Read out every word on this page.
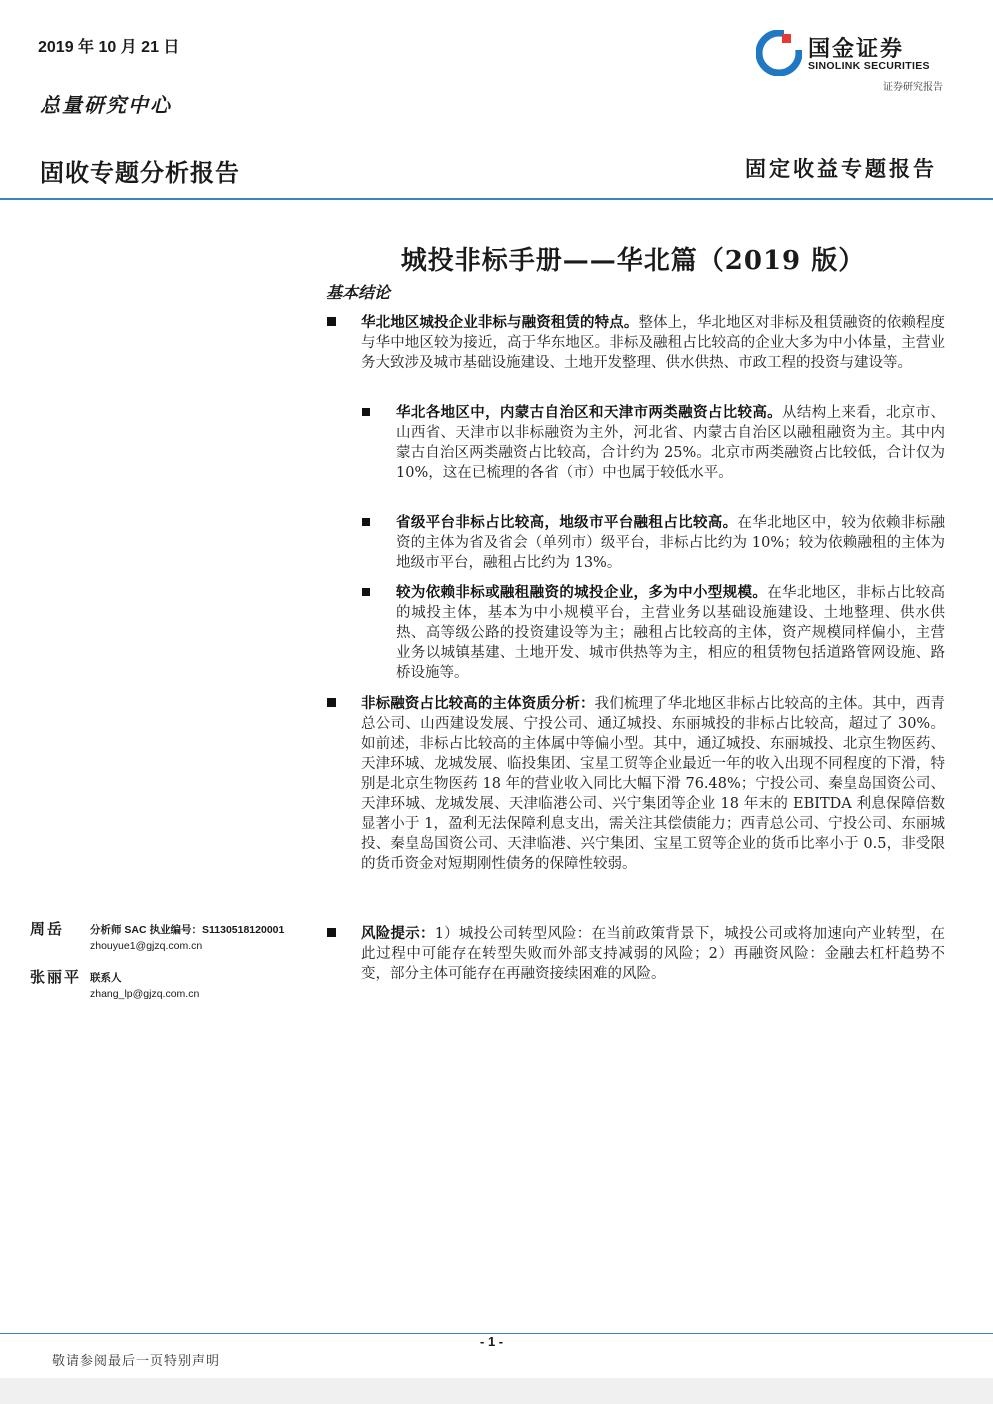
2019 年 10 月 21 日
总量研究中心
国金证券
SINOLINK SECURITIES
证券研究报告
固收专题分析报告	固定收益专题报告
城投非标手册——华北篇（2019 版）
基本结论
华北地区城投企业非标与融资租赁的特点。整体上，华北地区对非标及租赁融资的依赖程度与华中地区较为接近，高于华东地区。非标及融租占比较高的企业大多为中小体量，主营业务大致涉及城市基础设施建设、土地开发整理、供水供热、市政工程的投资与建设等。
华北各地区中，内蒙古自治区和天津市两类融资占比较高。从结构上来看，北京市、山西省、天津市以非标融资为主外，河北省、内蒙古自治区以融租融资为主。其中内蒙古自治区两类融资占比较高，合计约为 25%。北京市两类融资占比较低，合计仅为 10%，这在已梳理的各省（市）中也属于较低水平。
省级平台非标占比较高，地级市平台融租占比较高。在华北地区中，较为依赖非标融资的主体为省及省会（单列市）级平台，非标占比约为 10%；较为依赖融租的主体为地级市平台，融租占比约为 13%。
较为依赖非标或融租融资的城投企业，多为中小型规模。在华北地区，非标占比较高的城投主体，基本为中小规模平台，主营业务以基础设施建设、土地整理、供水供热、高等级公路的投资建设等为主；融租占比较高的主体，资产规模同样偏小，主营业务以城镇基建、土地开发、城市供热等为主，相应的租赁物包括道路管网设施、路桥设施等。
非标融资占比较高的主体资质分析：我们梳理了华北地区非标占比较高的主体。其中，西青总公司、山西建设发展、宁投公司、通辽城投、东丽城投的非标占比较高，超过了 30%。如前述，非标占比较高的主体属中等偏小型。其中，通辽城投、东丽城投、北京生物医药、天津环城、龙城发展、临投集团、宝星工贸等企业最近一年的收入出现不同程度的下滑，特别是北京生物医药 18 年的营业收入同比大幅下滑 76.48%；宁投公司、秦皇岛国资公司、天津环城、龙城发展、天津临港公司、兴宁集团等企业 18 年末的 EBITDA 利息保障倍数显著小于 1，盈利无法保障利息支出，需关注其偿债能力；西青总公司、宁投公司、东丽城投、秦皇岛国资公司、天津临港、兴宁集团、宝星工贸等企业的货币比率小于 0.5，非受限的货币资金对短期刚性债务的保障性较弱。
风险提示：1）城投公司转型风险：在当前政策背景下，城投公司或将加速向产业转型，在此过程中可能存在转型失败而外部支持减弱的风险；2）再融资风险：金融去杠杆趋势不变，部分主体可能存在再融资接续困难的风险。
周岳 分析师 SAC 执业编号：S1130518120001
zhouyue1@gjzq.com.cn
张丽平 联系人
zhang_lp@gjzq.com.cn
- 1 -
敬请参阅最后一页特别声明
